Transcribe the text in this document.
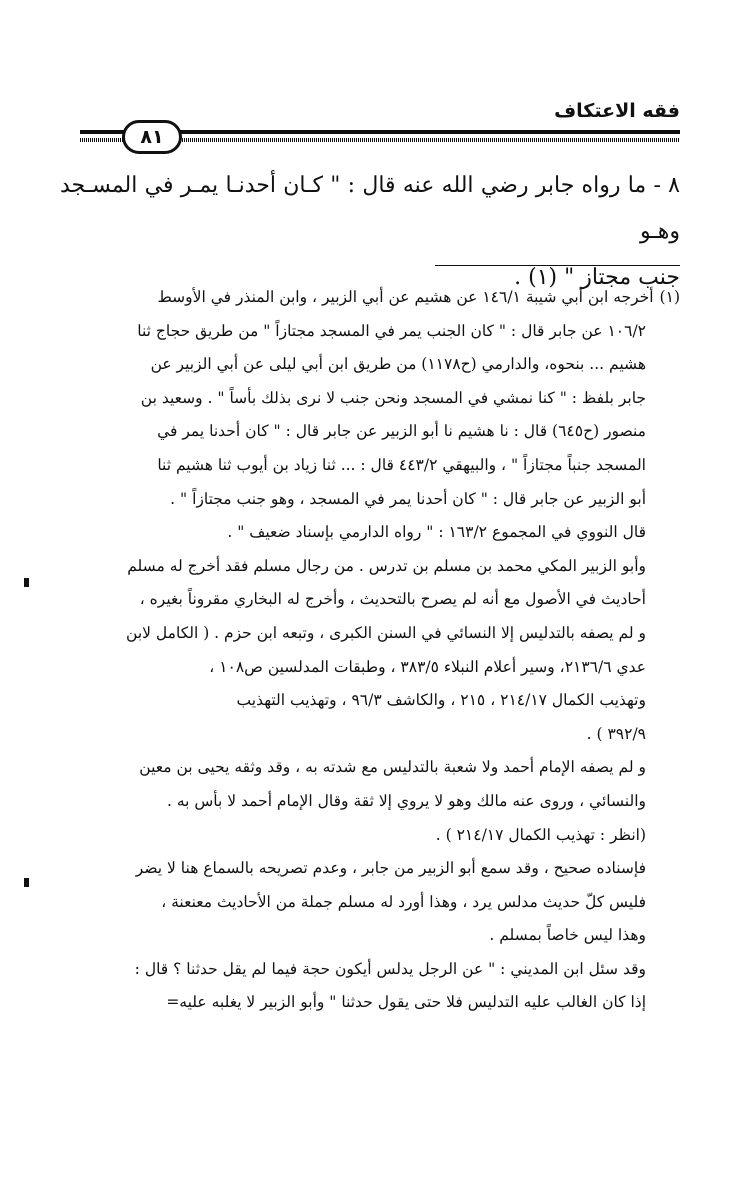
فقه الاعتكاف
٨١
٨ - ما رواه جابر رضي الله عنه قال : " كـان أحدنـا يمـر في المسـجد وهـو
جنب مجتاز " (١) .
(١)أخرجه ابن أبي شيبة ١٤٦/١ عن هشيم عن أبي الزبير ، وابن المنذر في الأوسط
١٠٦/٢ عن جابر قال : " كان الجنب يمر في المسجد مجتازاً " من طريق حجاج ثنا
هشيم ... بنحوه، والدارمي (ح١١٧٨) من طريق ابن أبي ليلى عن أبي الزبير عن
جابر بلفظ : " كنا نمشي في المسجد ونحن جنب لا نرى بذلك بأساً " . وسعيد بن
منصور (ح٦٤٥) قال : نا هشيم نا أبو الزبير عن جابر قال : " كان أحدنا يمر في
المسجد جنباً مجتازاً " ، والبيهقي ٤٤٣/٢ قال : ... ثنا زياد بن أيوب ثنا هشيم ثنا
أبو الزبير عن جابر قال : " كان أحدنا يمر في المسجد ، وهو جنب مجتازاً " .
قال النووي في المجموع ١٦٣/٢ : " رواه الدارمي بإسناد ضعيف " .
وأبو الزبير المكي محمد بن مسلم بن تدرس . من رجال مسلم فقد أخرج له مسلم
أحاديث في الأصول مع أنه لم يصرح بالتحديث ، وأخرج له البخاري مقروناً بغيره ،
و لم يصفه بالتدليس إلا النسائي في السنن الكبرى ، وتبعه ابن حزم . ( الكامل لابن
عدي ٢١٣٦/٦، وسير أعلام النبلاء ٣٨٣/٥ ، وطبقات المدلسين ص١٠٨ ،
وتهذيب الكمال ٢١٤/١٧ ، ٢١٥ ، والكاشف ٩٦/٣ ، وتهذيب التهذيب
٣٩٢/٩ ) .
و لم يصفه الإمام أحمد ولا شعبة بالتدليس مع شدته به ، وقد وثقه يحيى بن معين
والنسائي ، وروى عنه مالك وهو لا يروي إلا ثقة وقال الإمام أحمد لا بأس به .
(انظر : تهذيب الكمال ٢١٤/١٧ ) .
فإسناده صحيح ، وقد سمع أبو الزبير من جابر ، وعدم تصريحه بالسماع هنا لا يضر
فليس كلّ حديث مدلس يرد ، وهذا أورد له مسلم جملة من الأحاديث معنعنة ،
وهذا ليس خاصاً بمسلم .
وقد سئل ابن المديني : " عن الرجل يدلس أيكون حجة فيما لم يقل حدثنا ؟ قال :
إذا كان الغالب عليه التدليس فلا حتى يقول حدثنا " وأبو الزبير لا يغلبه عليه=
